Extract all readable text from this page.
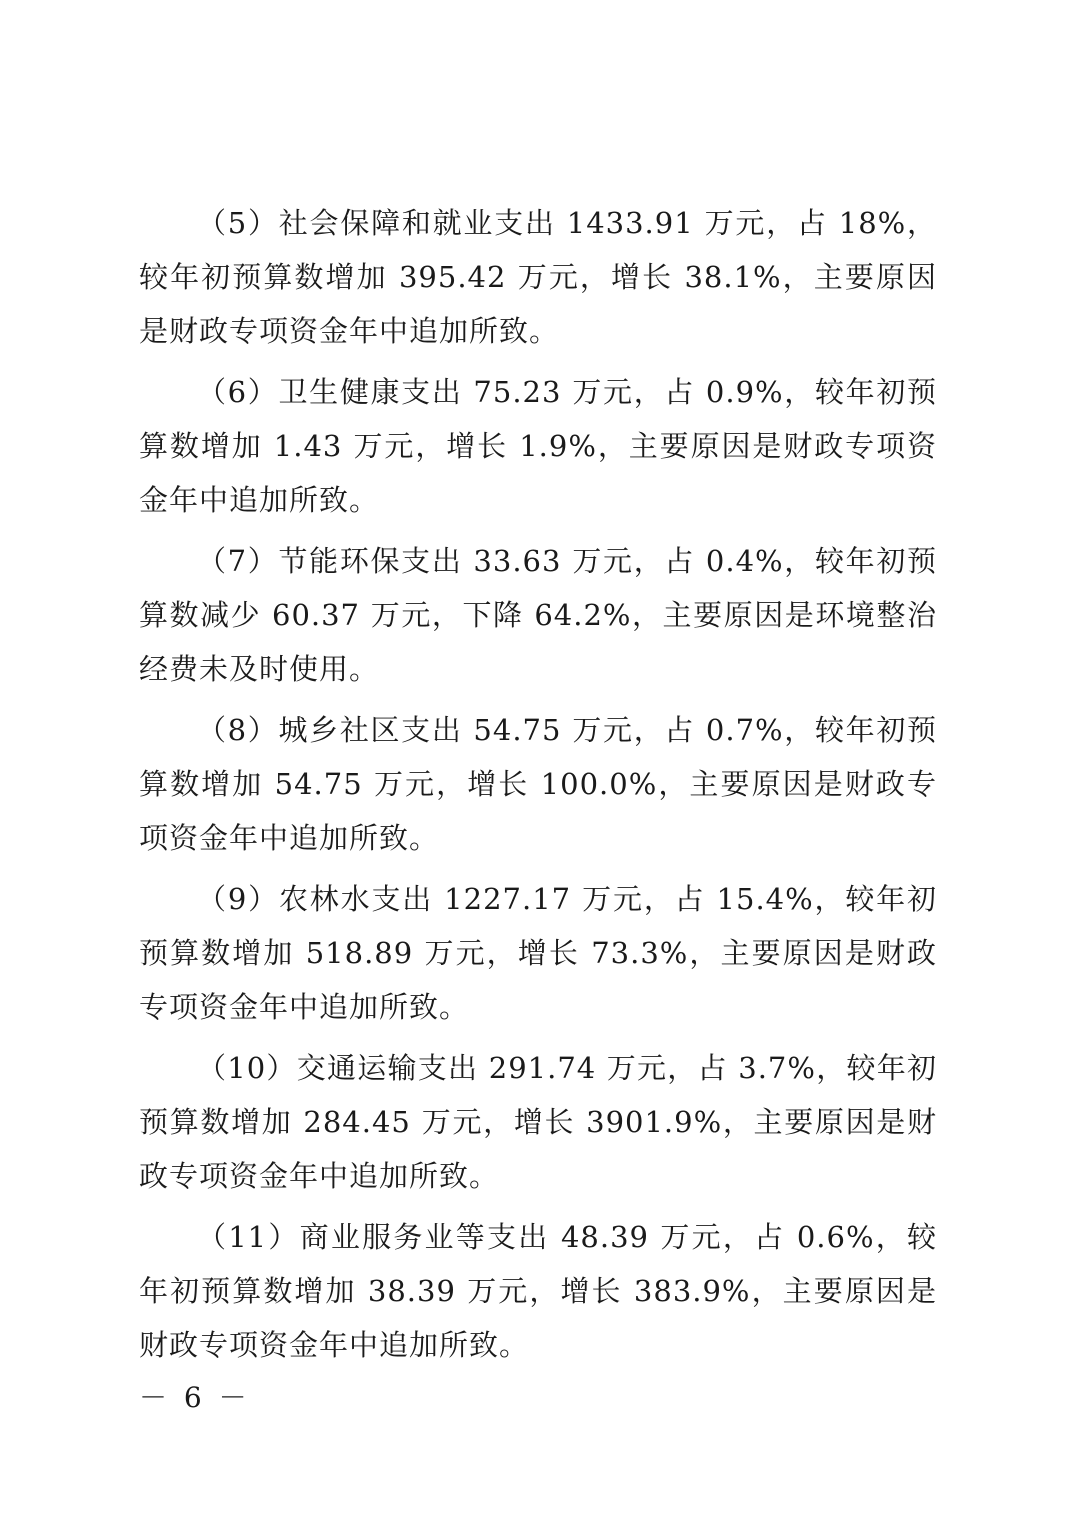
（5）社会保障和就业支出 1433.91 万元，占 18%，较年初预算数增加 395.42 万元，增长 38.1%，主要原因是财政专项资金年中追加所致。

（6）卫生健康支出 75.23 万元，占 0.9%，较年初预算数增加 1.43 万元，增长 1.9%，主要原因是财政专项资金年中追加所致。

（7）节能环保支出 33.63 万元，占 0.4%，较年初预算数减少 60.37 万元，下降 64.2%，主要原因是环境整治经费未及时使用。

（8）城乡社区支出 54.75 万元，占 0.7%，较年初预算数增加 54.75 万元，增长 100.0%，主要原因是财政专项资金年中追加所致。

（9）农林水支出 1227.17 万元，占 15.4%，较年初预算数增加 518.89 万元，增长 73.3%，主要原因是财政专项资金年中追加所致。

（10）交通运输支出 291.74 万元，占 3.7%，较年初预算数增加 284.45 万元，增长 3901.9%，主要原因是财政专项资金年中追加所致。

（11）商业服务业等支出 48.39 万元，占 0.6%，较年初预算数增加 38.39 万元，增长 383.9%，主要原因是财政专项资金年中追加所致。

－ 6 －
